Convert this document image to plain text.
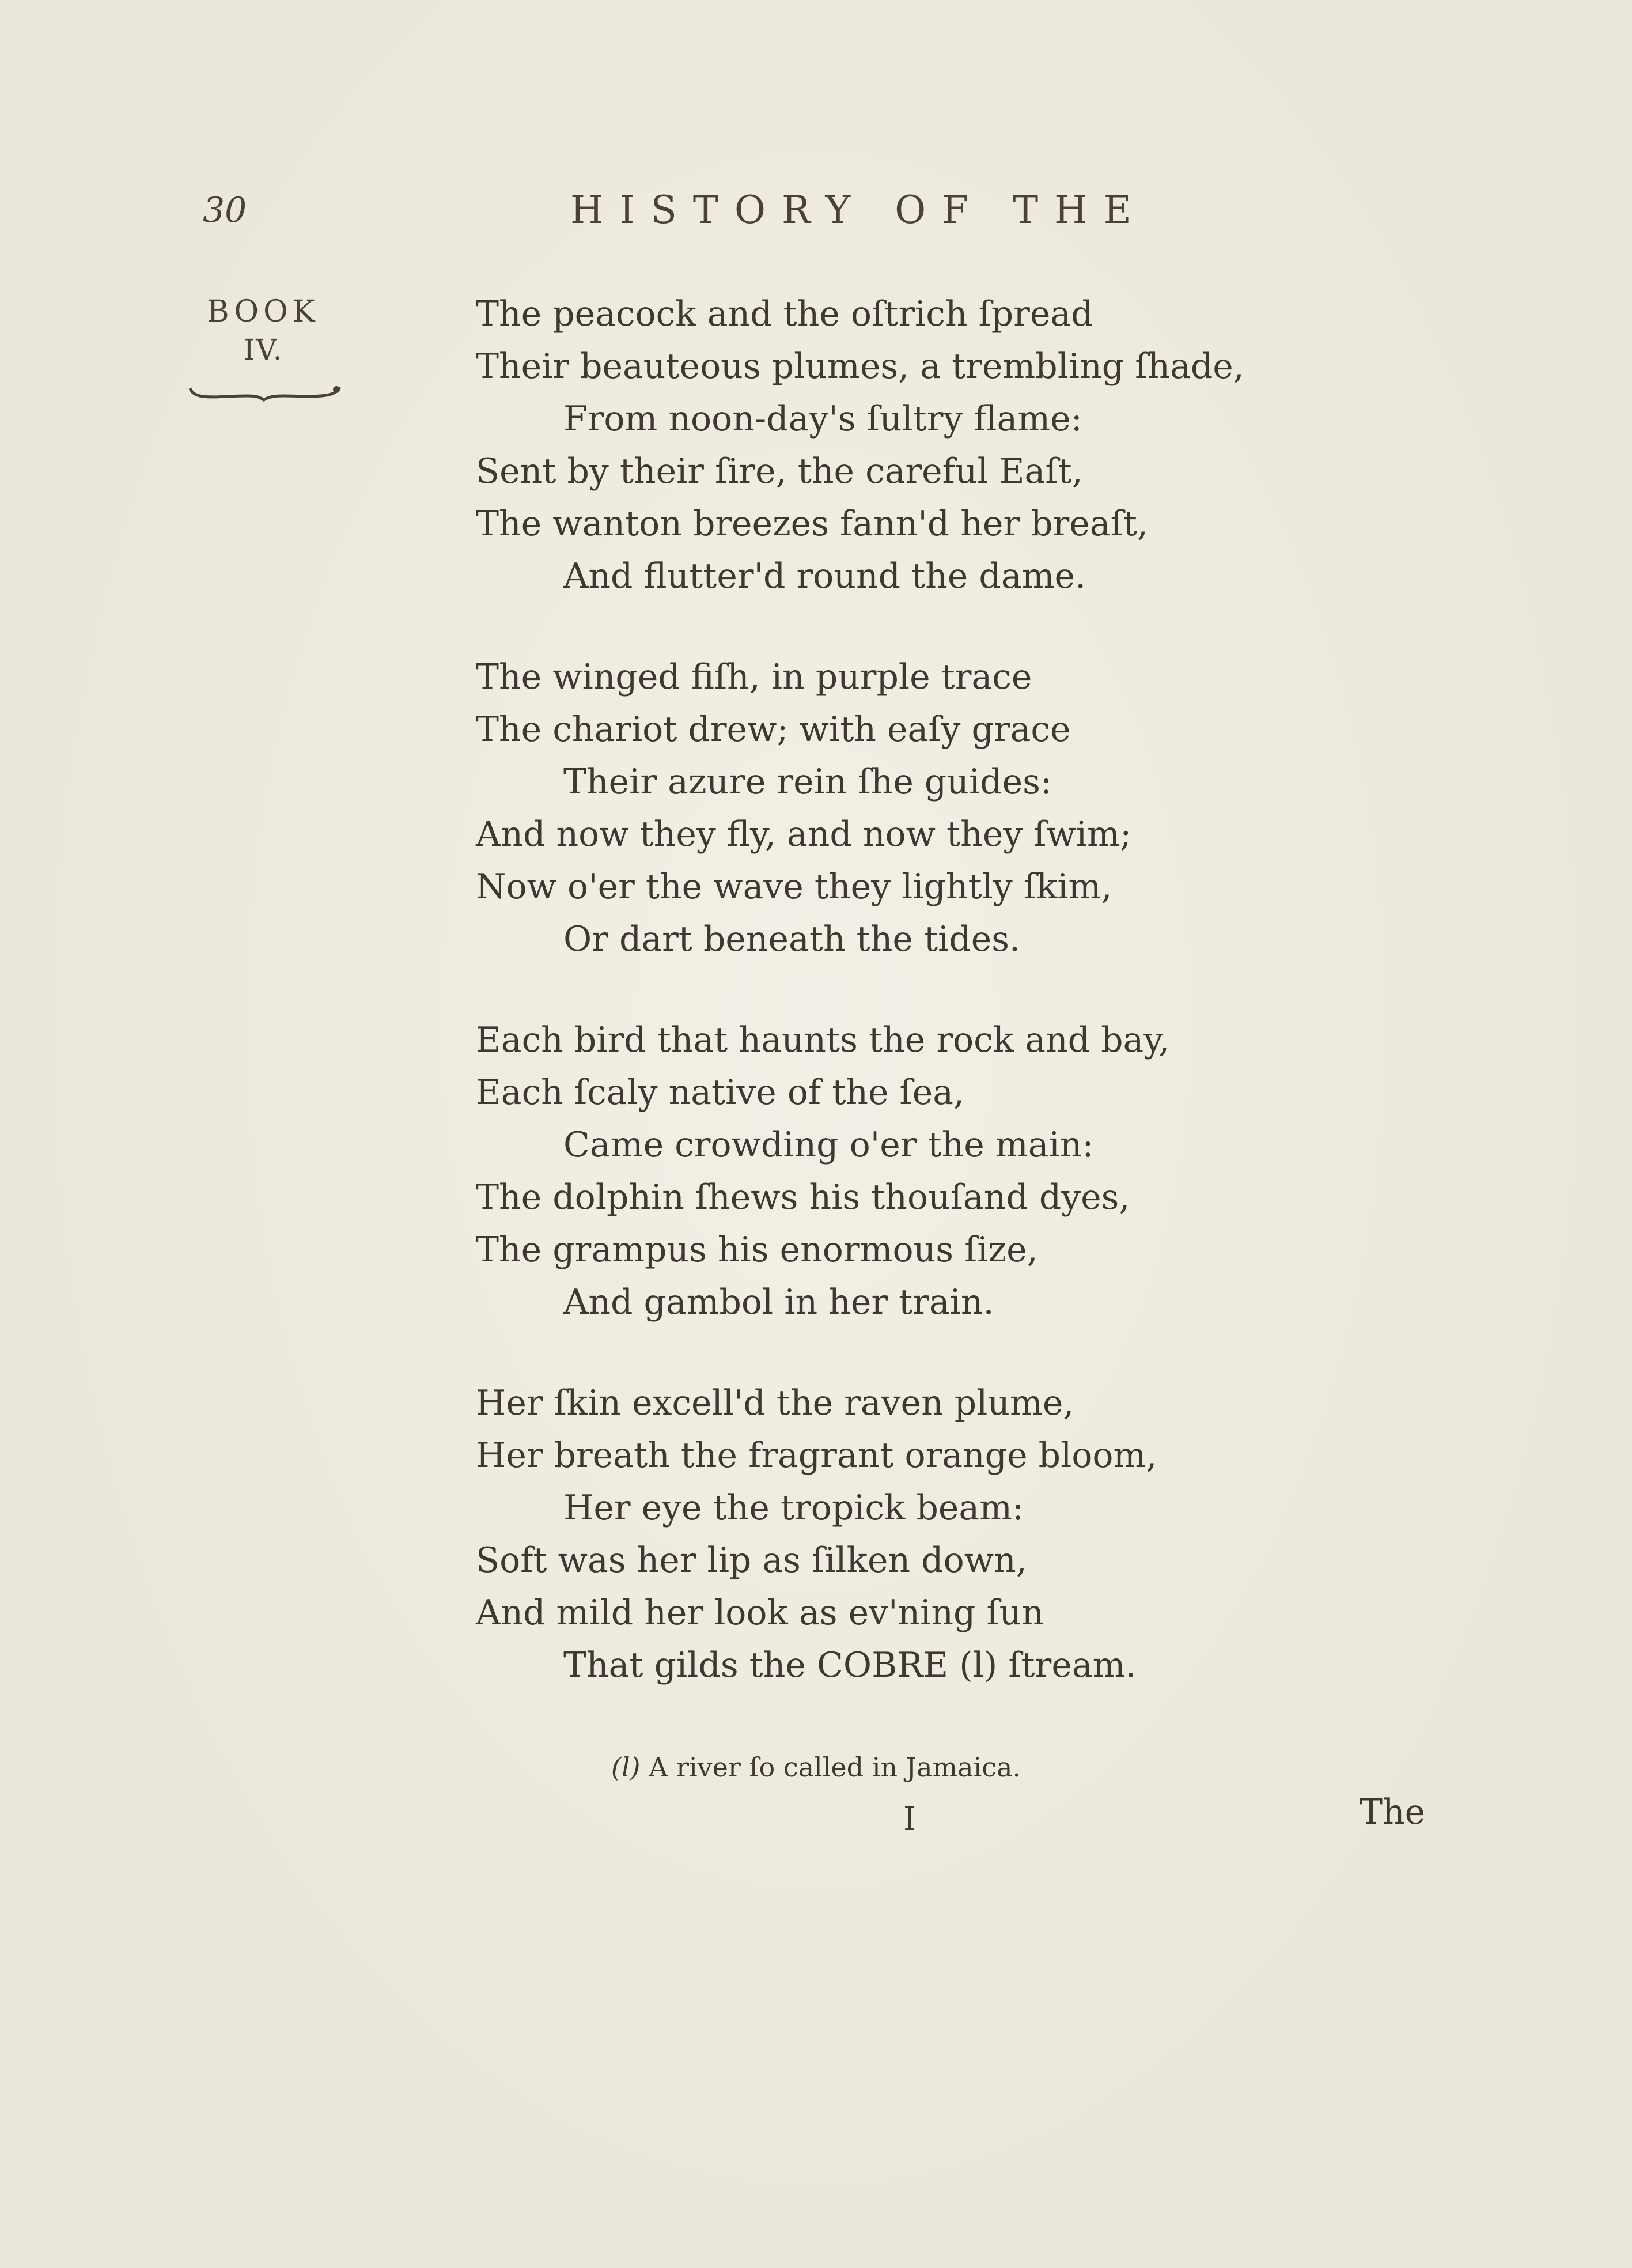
30	HISTORY OF THE
BOOK
IV.
The peacock and the oſtrich ſpread
Their beauteous plumes, a trembling ſhade,
From noon-day's ſultry flame:
Sent by their ſire, the careful Eaſt,
The wanton breezes fann'd her breaſt,
And flutter'd round the dame.
The winged fiſh, in purple trace
The chariot drew; with eaſy grace
Their azure rein ſhe guides:
And now they fly, and now they ſwim;
Now o'er the wave they lightly ſkim,
Or dart beneath the tides.
Each bird that haunts the rock and bay,
Each ſcaly native of the ſea,
Came crowding o'er the main:
The dolphin ſhews his thouſand dyes,
The grampus his enormous ſize,
And gambol in her train.
Her ſkin excell'd the raven plume,
Her breath the fragrant orange bloom,
Her eye the tropick beam:
Soft was her lip as ſilken down,
And mild her look as ev'ning ſun
That gilds the COBRE (l) ſtream.
(l) A river ſo called in Jamaica.
I	The
